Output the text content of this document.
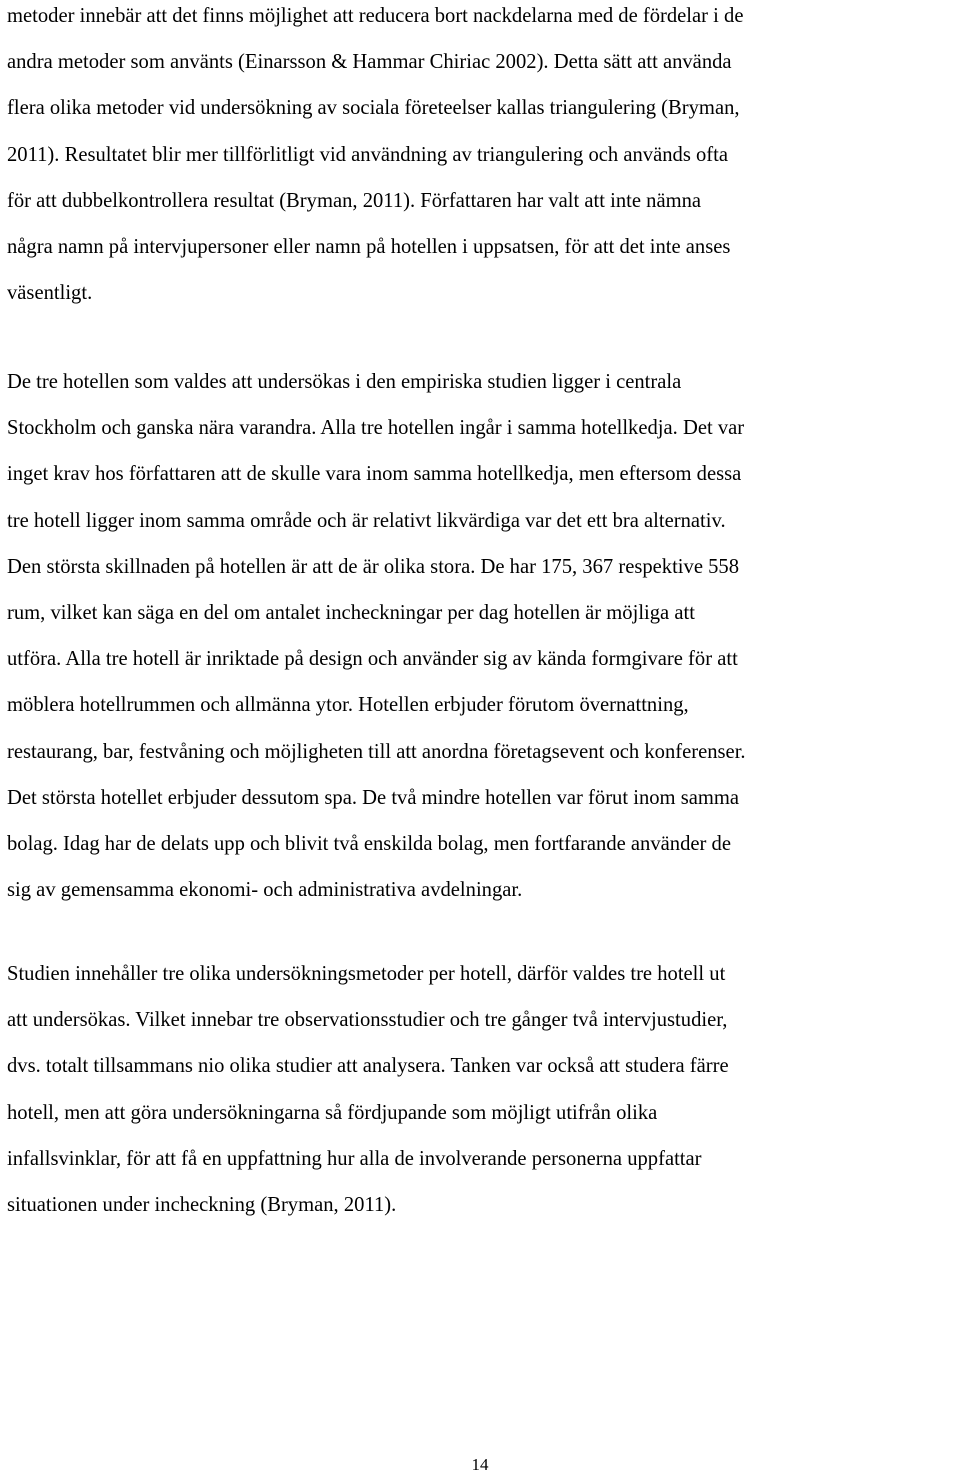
metoder innebär att det finns möjlighet att reducera bort nackdelarna med de fördelar i de
andra metoder som använts (Einarsson & Hammar Chiriac 2002). Detta sätt att använda
flera olika metoder vid undersökning av sociala företeelser kallas triangulering (Bryman,
2011). Resultatet blir mer tillförlitligt vid användning av triangulering och används ofta
för att dubbelkontrollera resultat (Bryman, 2011). Författaren har valt att inte nämna
några namn på intervjupersoner eller namn på hotellen i uppsatsen, för att det inte anses
väsentligt.

De tre hotellen som valdes att undersökas i den empiriska studien ligger i centrala
Stockholm och ganska nära varandra. Alla tre hotellen ingår i samma hotellkedja. Det var
inget krav hos författaren att de skulle vara inom samma hotellkedja, men eftersom dessa
tre hotell ligger inom samma område och är relativt likvärdiga var det ett bra alternativ.
Den största skillnaden på hotellen är att de är olika stora. De har 175, 367 respektive 558
rum, vilket kan säga en del om antalet incheckningar per dag hotellen är möjliga att
utföra. Alla tre hotell är inriktade på design och använder sig av kända formgivare för att
möblera hotellrummen och allmänna ytor. Hotellen erbjuder förutom övernattning,
restaurang, bar, festvåning och möjligheten till att anordna företagsevent och konferenser.
Det största hotellet erbjuder dessutom spa. De två mindre hotellen var förut inom samma
bolag. Idag har de delats upp och blivit två enskilda bolag, men fortfarande använder de
sig av gemensamma ekonomi- och administrativa avdelningar.

Studien innehåller tre olika undersökningsmetoder per hotell, därför valdes tre hotell ut
att undersökas. Vilket innebar tre observationsstudier och tre gånger två intervjustudier,
dvs. totalt tillsammans nio olika studier att analysera. Tanken var också att studera färre
hotell, men att göra undersökningarna så fördjupande som möjligt utifrån olika
infallsvinklar, för att få en uppfattning hur alla de involverande personerna uppfattar
situationen under incheckning (Bryman, 2011).

14
